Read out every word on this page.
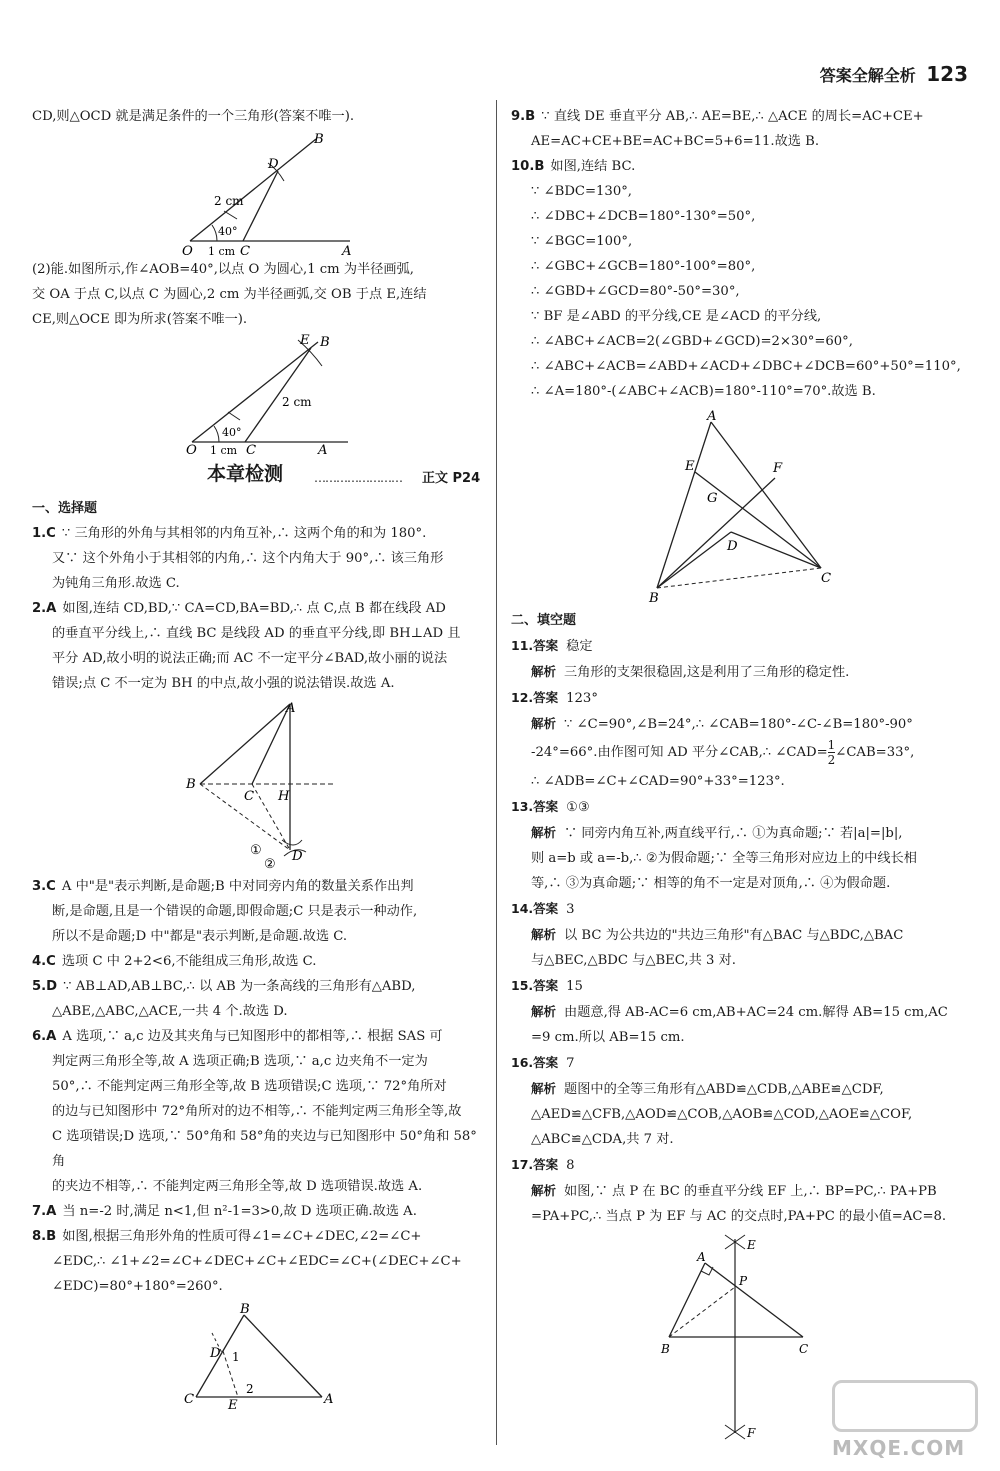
答案全解全析 123

CD,则△OCD 就是满足条件的一个三角形(答案不唯一).

B
D
2 cm
40°
O 1 cm C	A

(2)能.如图所示,作∠AOB=40°,以点 O 为圆心,1 cm 为半径画弧,

交 OA 于点 C,以点 C 为圆心,2 cm 为半径画弧,交 OB 于点 E,连结

CE,则△OCE 即为所求(答案不唯一).

E B
2 cm
40°
O 1 cm C	A
本章检测	…………………… 正文 P24

一、选择题

1.C ∵ 三角形的外角与其相邻的内角互补,∴ 这两个角的和为 180°.

又∵ 这个外角小于其相邻的内角,∴ 这个内角大于 90°,∴ 该三角形

为钝角三角形.故选 C.

2.A 如图,连结 CD,BD,∵ CA=CD,BA=BD,∴ 点 C,点 B 都在线段 AD

的垂直平分线上,∴ 直线 BC 是线段 AD 的垂直平分线,即 BH⊥AD 且

平分 AD,故小明的说法正确;而 AC 不一定平分∠BAD,故小丽的说法

错误;点 C 不一定为 BH 的中点,故小强的说法错误.故选 A.

A
B
C H
D
①
②

3.C A 中"是"表示判断,是命题;B 中对同旁内角的数量关系作出判

断,是命题,且是一个错误的命题,即假命题;C 只是表示一种动作,

所以不是命题;D 中"都是"表示判断,是命题.故选 C.

4.C 选项 C 中 2+2<6,不能组成三角形,故选 C.

5.D ∵ AB⊥AD,AB⊥BC,∴ 以 AB 为一条高线的三角形有△ABD,

△ABE,△ABC,△ACE,一共 4 个.故选 D.

6.A A 选项,∵ a,c 边及其夹角与已知图形中的都相等,∴ 根据 SAS 可

判定两三角形全等,故 A 选项正确;B 选项,∵ a,c 边夹角不一定为

50°,∴ 不能判定两三角形全等,故 B 选项错误;C 选项,∵ 72°角所对

的边与已知图形中 72°角所对的边不相等,∴ 不能判定两三角形全等,故

C 选项错误;D 选项,∵ 50°角和 58°角的夹边与已知图形中 50°角和 58°角

的夹边不相等,∴ 不能判定两三角形全等,故 D 选项错误.故选 A.

7.A 当 n=-2 时,满足 n<1,但 n²-1=3>0,故 D 选项正确.故选 A.

8.B 如图,根据三角形外角的性质可得∠1=∠C+∠DEC,∠2=∠C+

∠EDC,∴ ∠1+∠2=∠C+∠DEC+∠C+∠EDC=∠C+(∠DEC+∠C+

∠EDC)=80°+180°=260°.

B
D 1
2
C	E	A

9.B ∵ 直线 DE 垂直平分 AB,∴ AE=BE,∴ △ACE 的周长=AC+CE+

AE=AC+CE+BE=AC+BC=5+6=11.故选 B.

10.B 如图,连结 BC.

∵ ∠BDC=130°,

∴ ∠DBC+∠DCB=180°-130°=50°,

∵ ∠BGC=100°,

∴ ∠GBC+∠GCB=180°-100°=80°,

∴ ∠GBD+∠GCD=80°-50°=30°,

∵ BF 是∠ABD 的平分线,CE 是∠ACD 的平分线,

∴ ∠ABC+∠ACB=2(∠GBD+∠GCD)=2×30°=60°,

∴ ∠ABC+∠ACB=∠ABD+∠ACD+∠DBC+∠DCB=60°+50°=110°,

∴ ∠A=180°-(∠ABC+∠ACB)=180°-110°=70°.故选 B.

A
E	F
G
D
B
C

二、填空题

11.答案 稳定

解析 三角形的支架很稳固,这是利用了三角形的稳定性.

12.答案 123°

解析 ∵ ∠C=90°,∠B=24°,∴ ∠CAB=180°-∠C-∠B=180°-90°

-24°=66°.由作图可知 AD 平分∠CAB,∴ ∠CAD= $\frac{1}{2}$ ∠CAB=33°,

∴ ∠ADB=∠C+∠CAD=90°+33°=123°.

13.答案 ①③

解析 ∵ 同旁内角互补,两直线平行,∴ ①为真命题;∵ 若|a|=|b|,

则 a=b 或 a=-b,∴ ②为假命题;∵ 全等三角形对应边上的中线长相

等,∴ ③为真命题;∵ 相等的角不一定是对顶角,∴ ④为假命题.

14.答案 3

解析 以 BC 为公共边的"共边三角形"有△BAC 与△BDC,△BAC

与△BEC,△BDC 与△BEC,共 3 对.

15.答案 15

解析 由题意,得 AB-AC=6 cm,AB+AC=24 cm.解得 AB=15 cm,AC

=9 cm.所以 AB=15 cm.

16.答案 7

解析 题图中的全等三角形有△ABD≌△CDB,△ABE≌△CDF,

△AED≌△CFB,△AOD≌△COB,△AOB≌△COD,△AOE≌△COF,

△ABC≌△CDA,共 7 对.

17.答案 8

解析 如图,∵ 点 P 在 BC 的垂直平分线 EF 上,∴ BP=PC,∴ PA+PB

=PA+PC,∴ 当点 P 为 EF 与 AC 的交点时,PA+PC 的最小值=AC=8.

A
E
P
B	C
F
MXQE.COM
